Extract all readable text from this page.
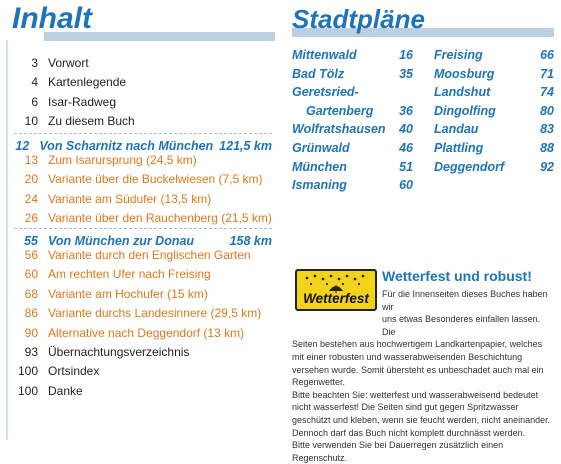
Inhalt
3 Vorwort
4 Kartenlegende
6 Isar-Radweg
10 Zu diesem Buch
12 Von Scharnitz nach München 121,5 km
13 Zum Isarursprung (24,5 km)
20 Variante über die Buckelwiesen (7,5 km)
24 Variante am Südufer (13,5 km)
26 Variante über den Rauchenberg (21,5 km)
55 Von München zur Donau	158 km
56 Variante durch den Englischen Garten
60 Am rechten Ufer nach Freising
68 Variante am Hochufer (15 km)
86 Variante durchs Landesinnere (29,5 km)
90 Alternative nach Deggendorf (13 km)
93 Übernachtungsverzeichnis
100 Ortsindex
100 Danke
Stadtpläne
Mittenwald	16
Bad Tölz	35
Geretsried-
Gartenberg 36
Wolfratshausen 40
Grünwald	46
München	51
Ismaning	60
Freising	66
Moosburg	71
Landshut	74
Dingolfing	80
Landau	83
Plattling	88
Deggendorf	92
Wetterfest
Wetterfest und robust!
Für die Innenseiten dieses Buches haben wir
uns etwas Besonderes einfallen lassen. Die

Seiten bestehen aus hochwertigem Landkartenpapier, welches mit einer robusten und wasserabweisenden Beschichtung versehen wurde. Somit übersteht es unbeschadet auch mal ein Regenwetter.

Bitte beachten Sie: wetterfest und wasserabweisend bedeutet nicht wasserfest! Die Seiten sind gut gegen Spritzwasser geschützt und kleben, wenn sie feucht werden, nicht aneinander. Dennoch darf das Buch nicht komplett durchnässt werden.

Bitte verwenden Sie bei Dauerregen zusätzlich einen Regenschutz.
